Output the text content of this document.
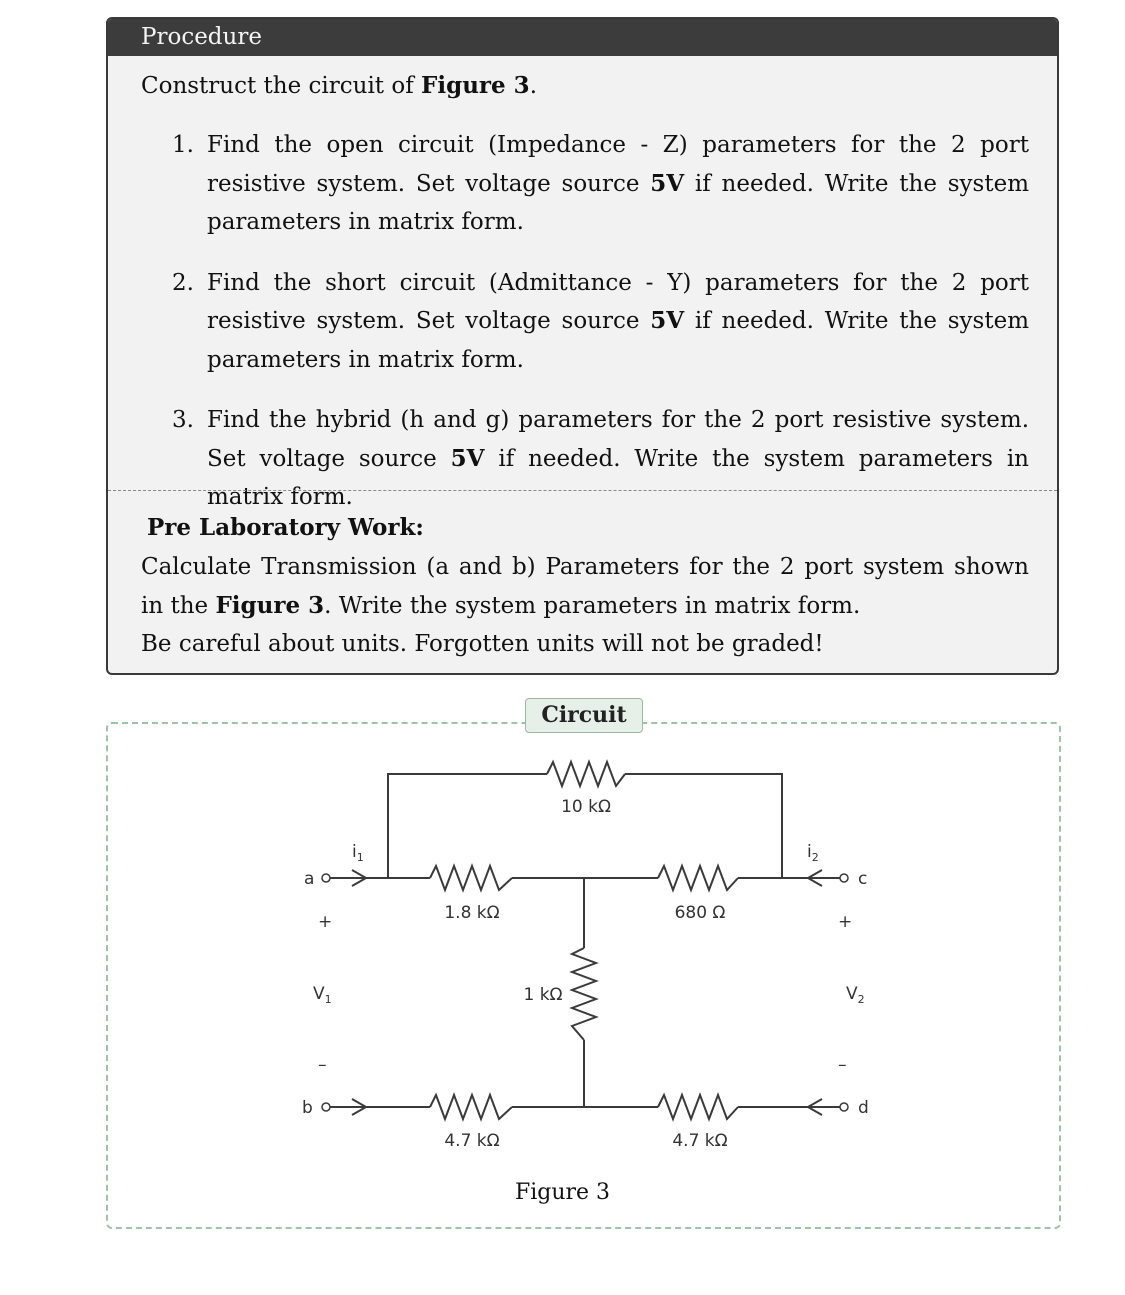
Procedure
Construct the circuit of Figure 3.
1. Find the open circuit (Impedance - Z) parameters for the 2 port resistive system. Set voltage source 5V if needed. Write the system parameters in matrix form.
2. Find the short circuit (Admittance - Y) parameters for the 2 port resistive system. Set voltage source 5V if needed. Write the system parameters in matrix form.
3. Find the hybrid (h and g) parameters for the 2 port resistive system. Set voltage source 5V if needed. Write the system parameters in matrix form.
Pre Laboratory Work:
Calculate Transmission (a and b) Parameters for the 2 port system shown in the Figure 3. Write the system parameters in matrix form.
Be careful about units. Forgotten units will not be graded!
Circuit
10 kΩ
1.8 kΩ	680 Ω
1 kΩ
4.7 kΩ	4.7 kΩ
a
b
c
d
$i_1$	$i_2$
+
$V_1$
–
+
$V_2$
–
Figure 3
